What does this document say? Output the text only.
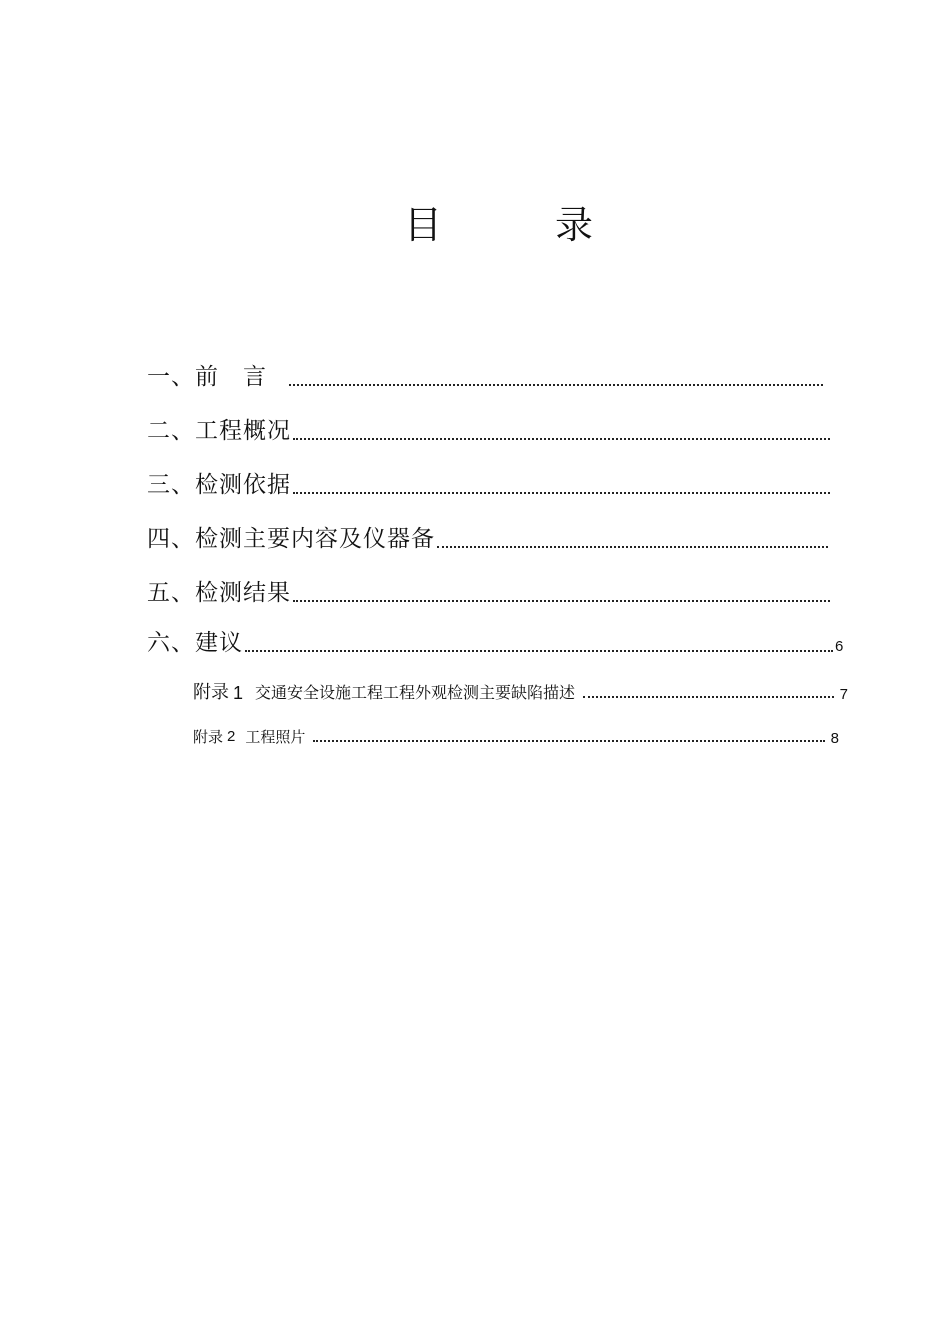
目	录
一、前　言
二、工程概况
三、检测依据
四、检测主要内容及仪器备
五、检测结果
六、建议	6
附录 1 交通安全设施工程工程外观检测主要缺陷描述	7
附录 2 工程照片	8
